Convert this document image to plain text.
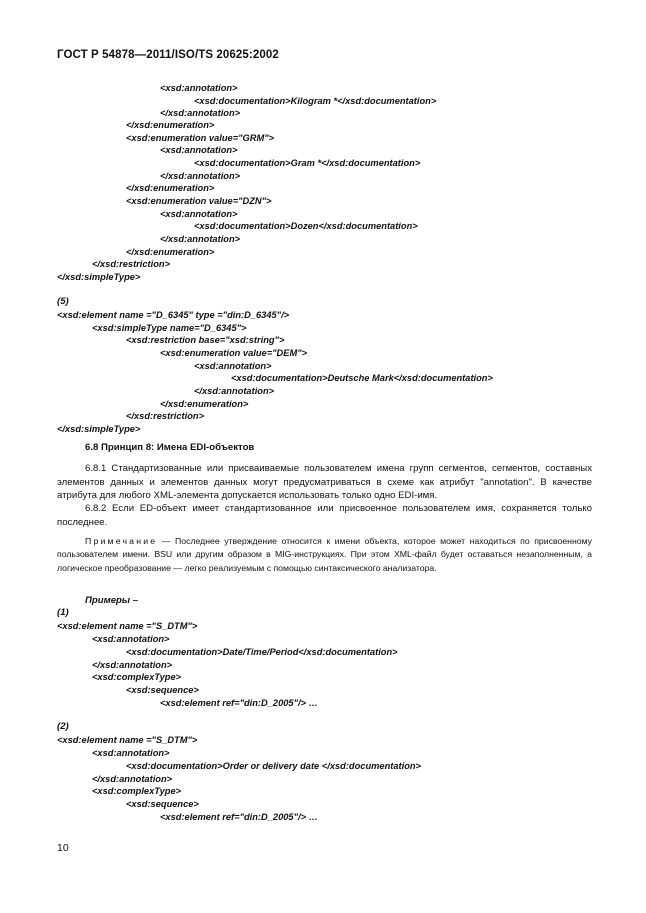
ГОСТ Р 54878—2011/ISO/TS 20625:2002
<xsd:annotation>
<xsd:documentation>Kilogram *</xsd:documentation>
</xsd:annotation>
</xsd:enumeration>
<xsd:enumeration value="GRM">
<xsd:annotation>
<xsd:documentation>Gram *</xsd:documentation>
</xsd:annotation>
</xsd:enumeration>
<xsd:enumeration value="DZN">
<xsd:annotation>
<xsd:documentation>Dozen</xsd:documentation>
</xsd:annotation>
</xsd:enumeration>
</xsd:restriction>
</xsd:simpleType>
(5)
<xsd:element name ="D_6345" type ="din:D_6345"/>
<xsd:simpleType name="D_6345">
<xsd:restriction base="xsd:string">
<xsd:enumeration value="DEM">
<xsd:annotation>
<xsd:documentation>Deutsche Mark</xsd:documentation>
</xsd:annotation>
</xsd:enumeration>
</xsd:restriction>
</xsd:simpleType>
6.8 Принцип 8: Имена EDI-объектов
6.8.1 Стандартизованные или присваиваемые пользователем имена групп сегментов, сегментов, составных элементов данных и элементов данных могут предусматриваться в схеме как атрибут "annotation". В качестве атрибута для любого XML-элемента допускается использовать только одно EDI-имя.
6.8.2 Если ED-объект имеет стандартизованное или присвоенное пользователем имя, сохраняется только последнее.
Примечание — Последнее утверждение относится к имени объекта, которое может находиться по присвоенному пользователем имени. BSU или другим образом в MIG-инструкциях. При этом XML-файл будет оставаться незаполненным, а логическое преобразование — легко реализуемым с помощью синтаксического анализатора.
Примеры –
(1)
<xsd:element name ="S_DTM">
<xsd:annotation>
<xsd:documentation>Date/Time/Period</xsd:documentation>
</xsd:annotation>
<xsd:complexType>
<xsd:sequence>
<xsd:element ref="din:D_2005"/> …
(2)
<xsd:element name ="S_DTM">
<xsd:annotation>
<xsd:documentation>Order or delivery date </xsd:documentation>
</xsd:annotation>
<xsd:complexType>
<xsd:sequence>
<xsd:element ref="din:D_2005"/> …
10
